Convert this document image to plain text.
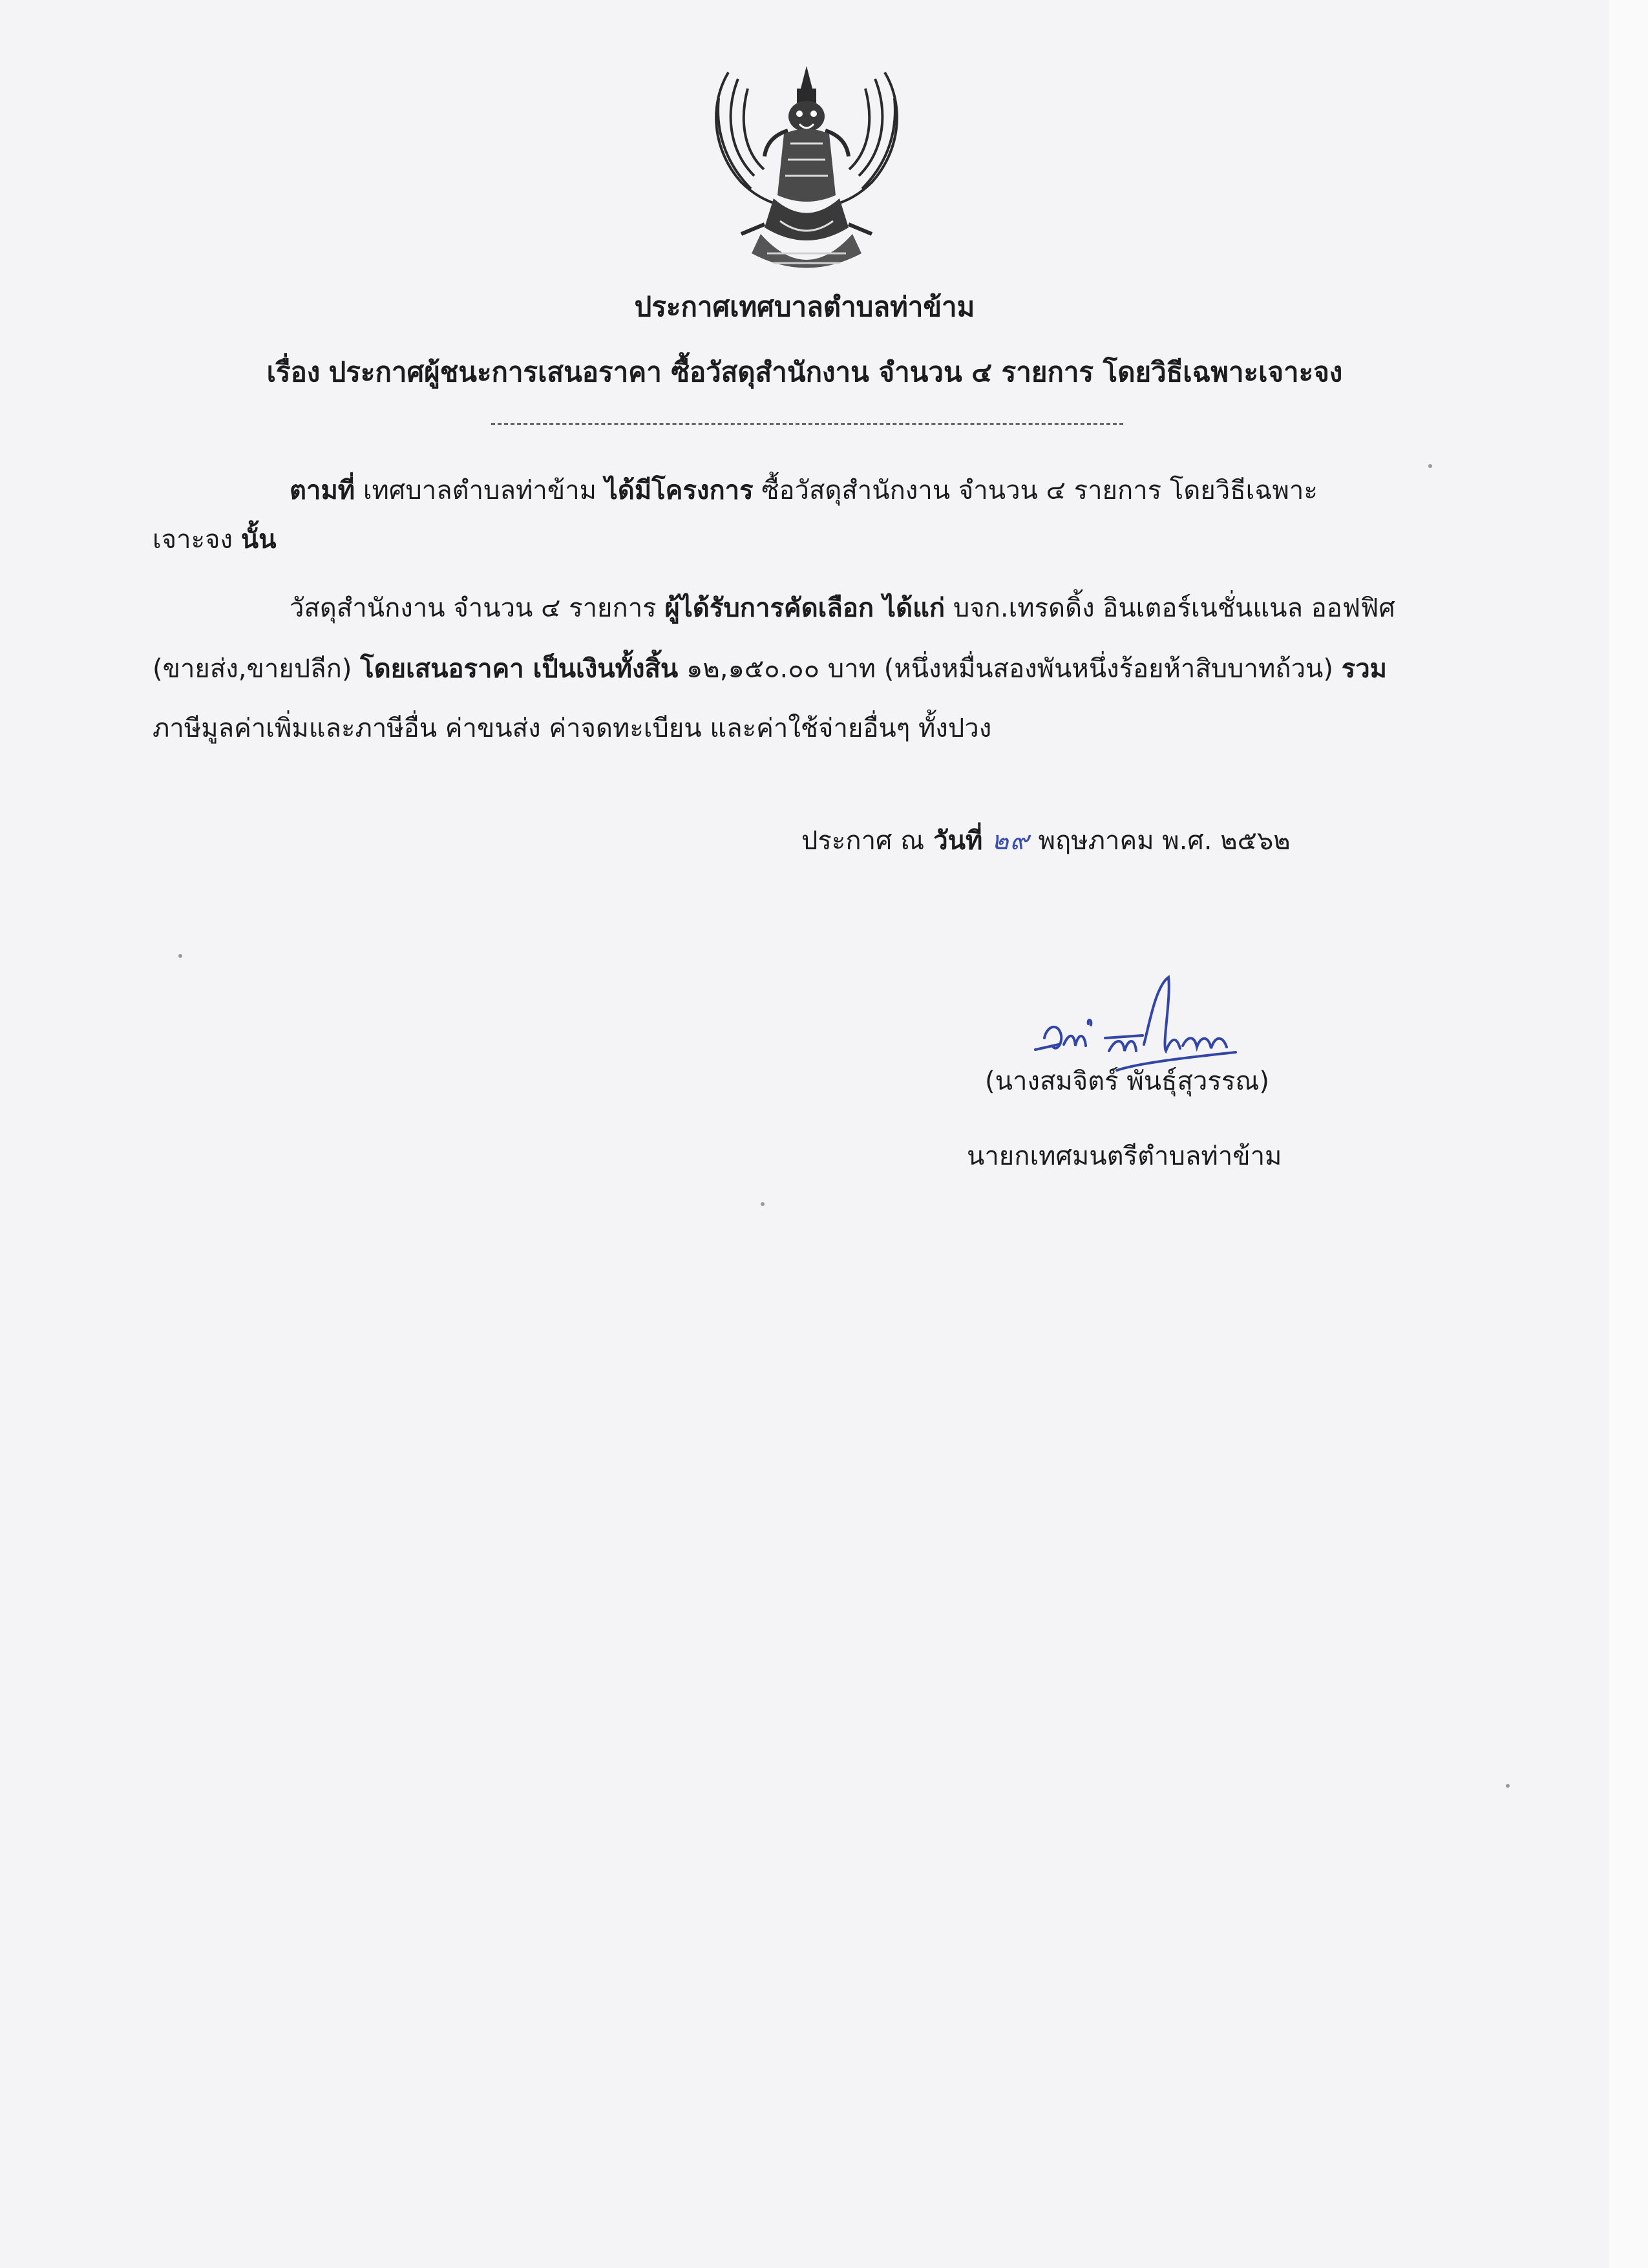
ประกาศเทศบาลตำบลท่าข้าม
เรื่อง ประกาศผู้ชนะการเสนอราคา ซื้อวัสดุสำนักงาน จำนวน ๔ รายการ โดยวิธีเฉพาะเจาะจง
ตามที่ เทศบาลตำบลท่าข้าม ได้มีโครงการ ซื้อวัสดุสำนักงาน จำนวน ๔ รายการ โดยวิธีเฉพาะ
เจาะจง นั้น
วัสดุสำนักงาน จำนวน ๔ รายการ ผู้ได้รับการคัดเลือก ได้แก่ บจก.เทรดดิ้ง อินเตอร์เนชั่นแนล ออฟฟิศ
(ขายส่ง,ขายปลีก) โดยเสนอราคา เป็นเงินทั้งสิ้น ๑๒,๑๕๐.๐๐ บาท (หนึ่งหมื่นสองพันหนึ่งร้อยห้าสิบบาทถ้วน) รวม
ภาษีมูลค่าเพิ่มและภาษีอื่น ค่าขนส่ง ค่าจดทะเบียน และค่าใช้จ่ายอื่นๆ ทั้งปวง
ประกาศ ณ วันที่ ๒๙ พฤษภาคม พ.ศ. ๒๕๖๒
(นางสมจิตร์ พันธุ์สุวรรณ)
นายกเทศมนตรีตำบลท่าข้าม
